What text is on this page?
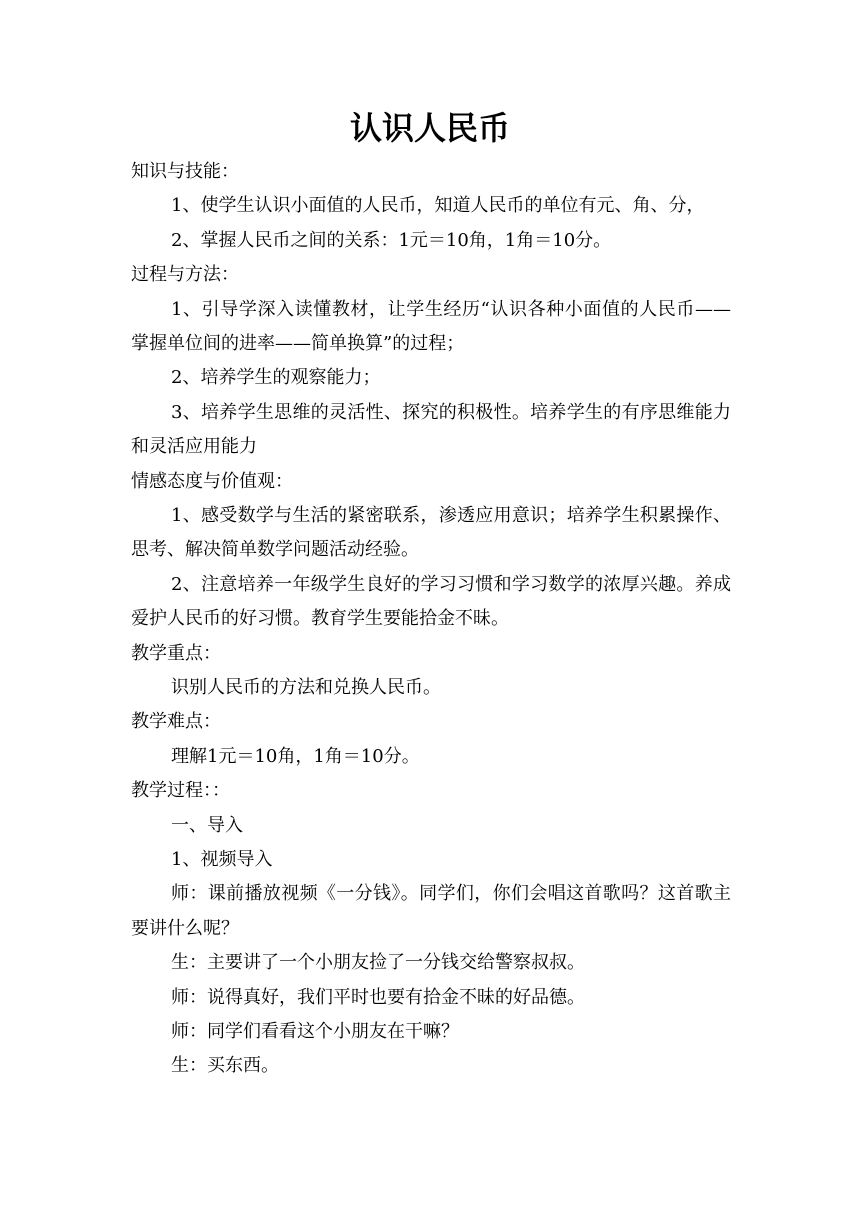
认识人民币
知识与技能：
1、使学生认识小面值的人民币，知道人民币的单位有元、角、分，
2、掌握人民币之间的关系：1元＝10角，1角＝10分。
过程与方法：
1、引导学深入读懂教材，让学生经历“认识各种小面值的人民币——掌握单位间的进率——简单换算”的过程；
2、培养学生的观察能力；
3、培养学生思维的灵活性、探究的积极性。培养学生的有序思维能力和灵活应用能力
情感态度与价值观：
1、感受数学与生活的紧密联系，渗透应用意识；培养学生积累操作、思考、解决简单数学问题活动经验。
2、注意培养一年级学生良好的学习习惯和学习数学的浓厚兴趣。养成爱护人民币的好习惯。教育学生要能拾金不昧。
教学重点：
识别人民币的方法和兑换人民币。
教学难点：
理解1元＝10角，1角＝10分。
教学过程：：
一、导入
1、视频导入
师：课前播放视频《一分钱》。同学们，你们会唱这首歌吗？这首歌主要讲什么呢？
生：主要讲了一个小朋友捡了一分钱交给警察叔叔。
师：说得真好，我们平时也要有拾金不昧的好品德。
师：同学们看看这个小朋友在干嘛？
生：买东西。
